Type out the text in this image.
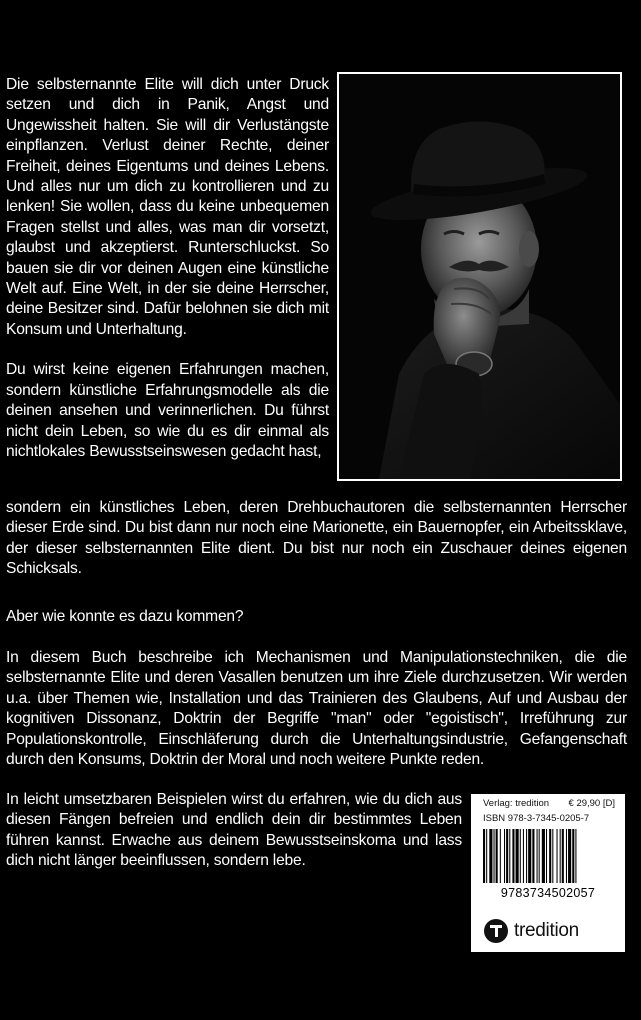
Die selbsternannte Elite will dich unter Druck setzen und dich in Panik, Angst und Ungewissheit halten. Sie will dir Verlustängste einpflanzen. Verlust deiner Rechte, deiner Freiheit, deines Eigentums und deines Lebens. Und alles nur um dich zu kontrollieren und zu lenken! Sie wollen, dass du keine unbequemen Fragen stellst und alles, was man dir vorsetzt, glaubst und akzeptierst. Runterschluckst. So bauen sie dir vor deinen Augen eine künstliche Welt auf. Eine Welt, in der sie deine Herrscher, deine Besitzer sind. Dafür belohnen sie dich mit Konsum und Unterhaltung.

Du wirst keine eigenen Erfahrungen machen, sondern künstliche Erfahrungsmodelle als die deinen ansehen und verinnerlichen. Du führst nicht dein Leben, so wie du es dir einmal als nichtlokales Bewusstseinswesen gedacht hast,

sondern ein künstliches Leben, deren Drehbuchautoren die selbsternannten Herrscher dieser Erde sind. Du bist dann nur noch eine Marionette, ein Bauernopfer, ein Arbeitssklave, der dieser selbsternannten Elite dient. Du bist nur noch ein Zuschauer deines eigenen Schicksals.
Aber wie konnte es dazu kommen?
In diesem Buch beschreibe ich Mechanismen und Manipulationstechniken, die die selbsternannte Elite und deren Vasallen benutzen um ihre Ziele durchzusetzen. Wir werden u.a. über Themen wie, Installation und das Trainieren des Glaubens, Auf und Ausbau der kognitiven Dissonanz, Doktrin der Begriffe "man" oder "egoistisch", Irreführung zur Populationskontrolle, Einschläferung durch die Unterhaltungsindustrie, Gefangenschaft durch den Konsums, Doktrin der Moral und noch weitere Punkte reden.
In leicht umsetzbaren Beispielen wirst du erfahren, wie du dich aus diesen Fängen befreien und endlich dein dir bestimmtes Leben führen kannst. Erwache aus deinem Bewusstseinskoma und lass dich nicht länger beeinflussen, sondern lebe.
Verlag: tredition € 29,90 [D]
ISBN 978-3-7345-0205-7
9783734502057
tredition
